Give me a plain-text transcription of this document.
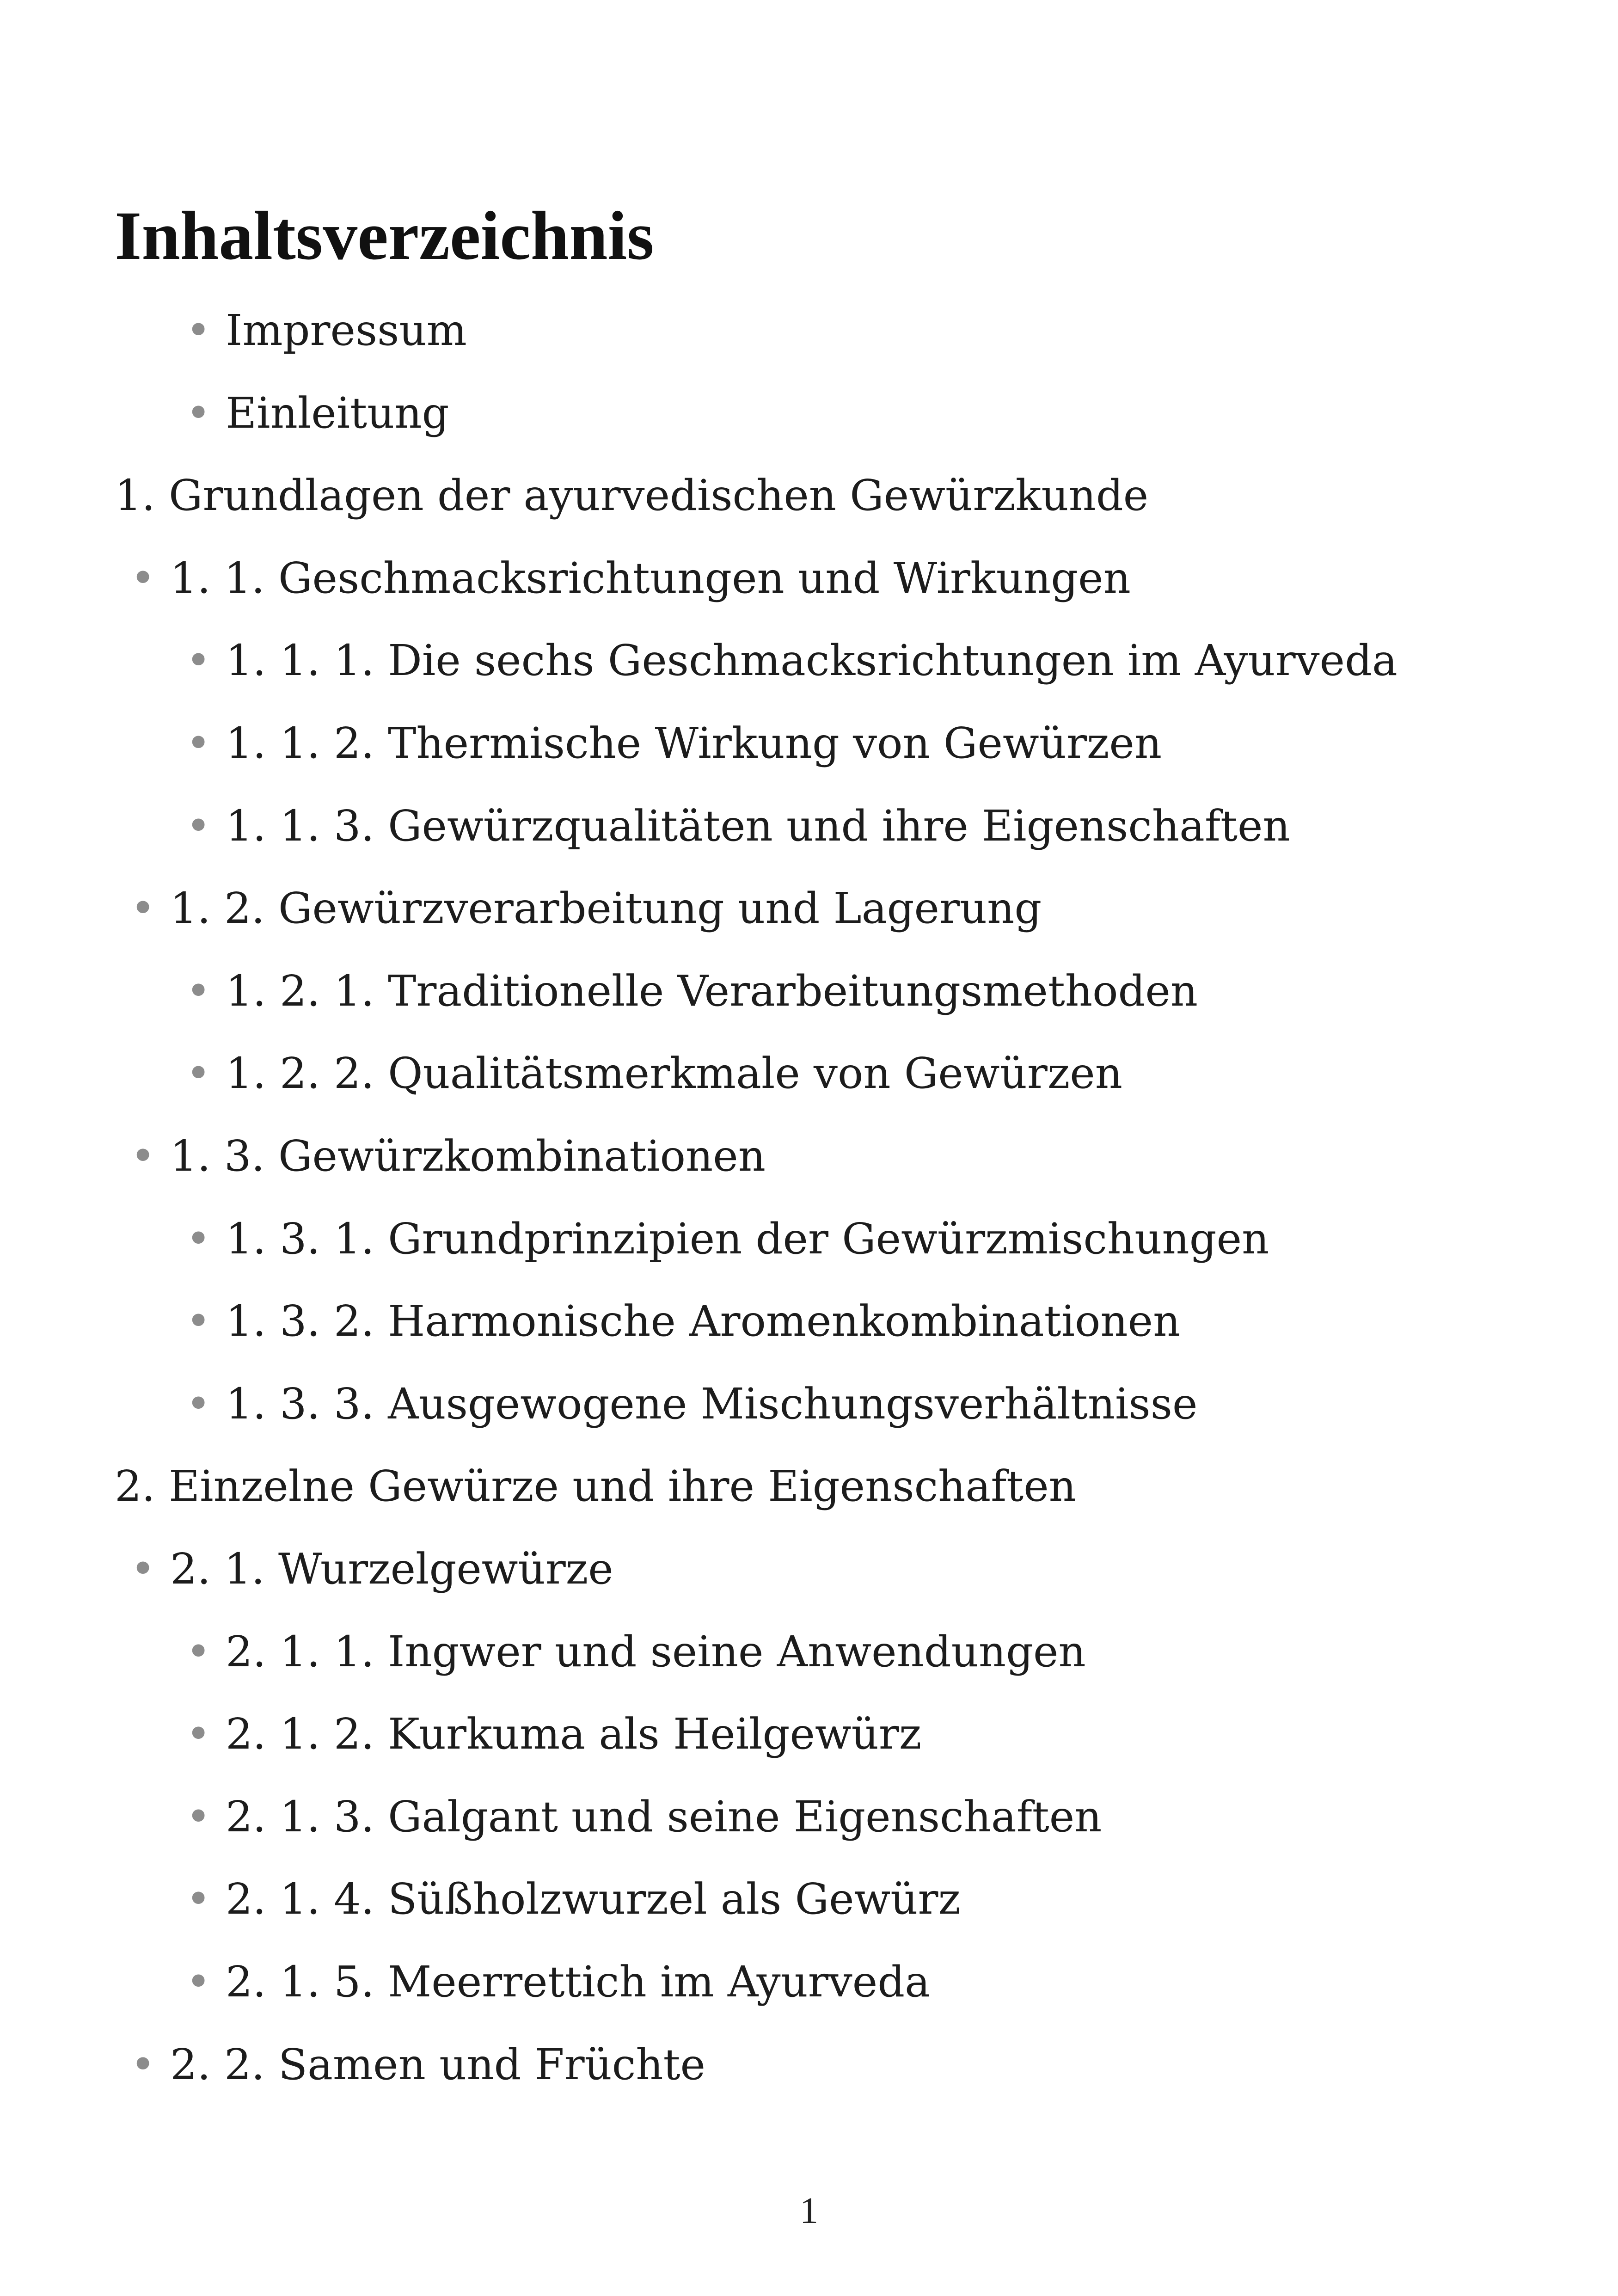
Inhaltsverzeichnis
• Impressum
• Einleitung
1. Grundlagen der ayurvedischen Gewürzkunde
• 1. 1. Geschmacksrichtungen und Wirkungen
• 1. 1. 1. Die sechs Geschmacksrichtungen im Ayurveda
• 1. 1. 2. Thermische Wirkung von Gewürzen
• 1. 1. 3. Gewürzqualitäten und ihre Eigenschaften
• 1. 2. Gewürzverarbeitung und Lagerung
• 1. 2. 1. Traditionelle Verarbeitungsmethoden
• 1. 2. 2. Qualitätsmerkmale von Gewürzen
• 1. 3. Gewürzkombinationen
• 1. 3. 1. Grundprinzipien der Gewürzmischungen
• 1. 3. 2. Harmonische Aromenkombinationen
• 1. 3. 3. Ausgewogene Mischungsverhältnisse
2. Einzelne Gewürze und ihre Eigenschaften
• 2. 1. Wurzelgewürze
• 2. 1. 1. Ingwer und seine Anwendungen
• 2. 1. 2. Kurkuma als Heilgewürz
• 2. 1. 3. Galgant und seine Eigenschaften
• 2. 1. 4. Süßholzwurzel als Gewürz
• 2. 1. 5. Meerrettich im Ayurveda
• 2. 2. Samen und Früchte
1
